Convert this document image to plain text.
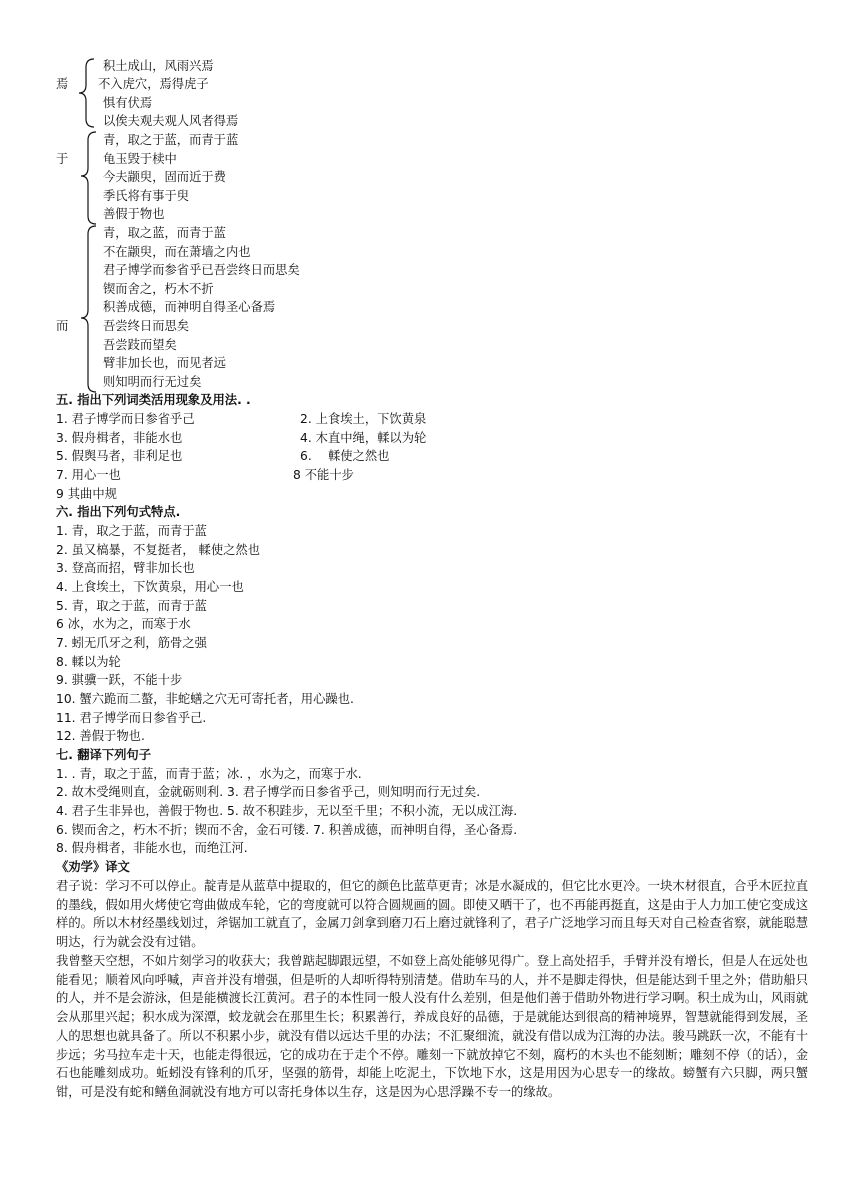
焉
积土成山，风雨兴焉
不入虎穴，焉得虎子
惧有伏焉
以俟夫观夫观人风者得焉
于
青，取之于蓝，而青于蓝
龟玉毁于椟中
今夫颛臾，固而近于费
季氏将有事于臾
善假于物也
而
青，取之蓝，而青于蓝
不在颛臾，而在萧墙之内也
君子博学而参省乎已吾尝终日而思矣
锲而舍之，朽木不折
积善成德，而神明自得圣心备焉
吾尝终日而思矣
吾尝跂而望矣
臂非加长也，而见者远
则知明而行无过矣
五. 指出下列词类活用现象及用法. .
1. 君子博学而日参省乎己	2. 上食埃土，下饮黄泉
3. 假舟楫者，非能水也	4. 木直中绳，輮以为轮
5. 假舆马者，非利足也	6.　 輮使之然也
7. 用心一也	8 不能十步
9 其曲中规
六. 指出下列句式特点.
1. 青，取之于蓝，而青于蓝
2. 虽又槁暴，不复挺者， 輮使之然也
3. 登高而招，臂非加长也
4. 上食埃土，下饮黄泉，用心一也
5. 青，取之于蓝，而青于蓝
6 冰，水为之，而寒于水
7. 蚓无爪牙之利，筋骨之强
8. 輮以为轮
9. 骐骥一跃，不能十步
10. 蟹六跪而二螯，非蛇蟮之穴无可寄托者，用心躁也.
11. 君子博学而日参省乎己.
12. 善假于物也.
七. 翻译下列句子
1. . 青，取之于蓝，而青于蓝；冰. ，水为之，而寒于水.
2. 故木受绳则直，金就砺则利. 3. 君子博学而日参省乎己，则知明而行无过矣.
4. 君子生非异也，善假于物也. 5. 故不积跬步，无以至千里；不积小流，无以成江海.
6. 锲而舍之，朽木不折；锲而不舍，金石可镂. 7. 积善成德，而神明自得，圣心备焉.
8. 假舟楫者，非能水也，而绝江河.
《劝学》译文
君子说：学习不可以停止。靛青是从蓝草中提取的，但它的颜色比蓝草更青；冰是水凝成的，但它比水更冷。一块木材很直，合乎木匠拉直的墨线，假如用火烤使它弯曲做成车轮，它的弯度就可以符合圆规画的圆。即使又晒干了，也不再能再挺直，这是由于人力加工使它变成这样的。所以木材经墨线划过，斧锯加工就直了，金属刀剑拿到磨刀石上磨过就锋利了，君子广泛地学习而且每天对自己检查省察，就能聪慧明达，行为就会没有过错。
我曾整天空想，不如片刻学习的收获大；我曾踮起脚跟远望，不如登上高处能够见得广。登上高处招手，手臂并没有增长，但是人在远处也能看见；顺着风向呼喊，声音并没有增强，但是听的人却听得特别清楚。借助车马的人，并不是脚走得快，但是能达到千里之外；借助船只的人，并不是会游泳，但是能横渡长江黄河。君子的本性同一般人没有什么差别，但是他们善于借助外物进行学习啊。积土成为山，风雨就会从那里兴起；积水成为深潭，蛟龙就会在那里生长；积累善行，养成良好的品德，于是就能达到很高的精神境界，智慧就能得到发展，圣人的思想也就具备了。所以不积累小步，就没有借以远达千里的办法；不汇聚细流，就没有借以成为江海的办法。骏马跳跃一次，不能有十步远；劣马拉车走十天，也能走得很远，它的成功在于走个不停。雕刻一下就放掉它不刻，腐朽的木头也不能刻断；雕刻不停（的话），金石也能雕刻成功。蚯蚓没有锋利的爪牙，坚强的筋骨，却能上吃泥土，下饮地下水，这是用因为心思专一的缘故。螃蟹有六只脚，两只蟹钳，可是没有蛇和鳝鱼洞就没有地方可以寄托身体以生存，这是因为心思浮躁不专一的缘故。
